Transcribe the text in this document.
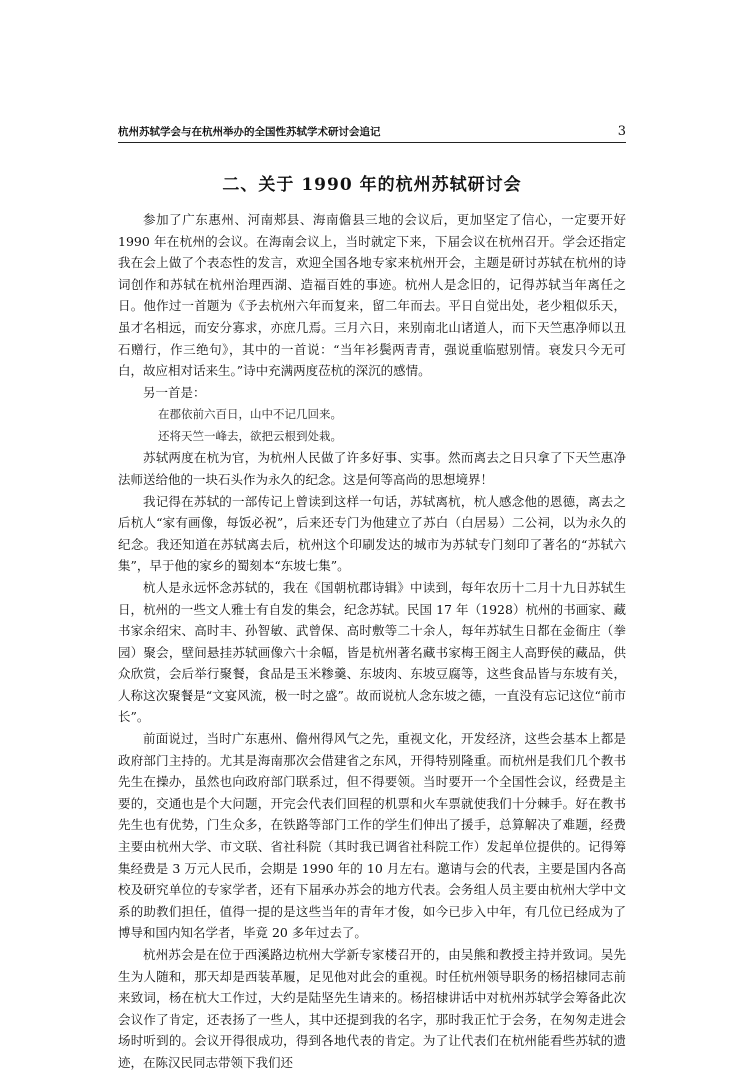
杭州苏轼学会与在杭州举办的全国性苏轼学术研讨会追记	3
二、关于 1990 年的杭州苏轼研讨会

参加了广东惠州、河南郏县、海南儋县三地的会议后，更加坚定了信心，一定要开好 1990 年在杭州的会议。在海南会议上，当时就定下来，下届会议在杭州召开。学会还指定我在会上做了个表态性的发言，欢迎全国各地专家来杭州开会，主题是研讨苏轼在杭州的诗词创作和苏轼在杭州治理西湖、造福百姓的事迹。杭州人是念旧的，记得苏轼当年离任之日。他作过一首题为《予去杭州六年而复来，留二年而去。平日自觉出处，老少粗似乐天，虽才名相远，而安分寡求，亦庶几焉。三月六日，来别南北山诸道人，而下天竺惠净师以丑石赠行，作三绝句》，其中的一首说：“当年衫鬓两青青，强说重临慰别情。衰发只今无可白，故应相对话来生。”诗中充满两度莅杭的深沉的感情。

另一首是：

在郡依前六百日，山中不记几回来。
还将天竺一峰去，欲把云根到处栽。

苏轼两度在杭为官，为杭州人民做了许多好事、实事。然而离去之日只拿了下天竺惠净法师送给他的一块石头作为永久的纪念。这是何等高尚的思想境界！

我记得在苏轼的一部传记上曾读到这样一句话，苏轼离杭，杭人感念他的恩德，离去之后杭人“家有画像，每饭必祝”，后来还专门为他建立了苏白（白居易）二公祠，以为永久的纪念。我还知道在苏轼离去后，杭州这个印刷发达的城市为苏轼专门刻印了著名的“苏轼六集”，早于他的家乡的蜀刻本“东坡七集”。

杭人是永远怀念苏轼的，我在《国朝杭郡诗辑》中读到，每年农历十二月十九日苏轼生日，杭州的一些文人雅士有自发的集会，纪念苏轼。民国 17 年（1928）杭州的书画家、藏书家余绍宋、高时丰、孙智敏、武曾保、高时敷等二十余人，每年苏轼生日都在金衙庄（拳园）聚会，壁间悬挂苏轼画像六十余幅，皆是杭州著名藏书家梅王阁主人高野侯的藏品，供众欣赏，会后举行聚餐，食品是玉米糁羹、东坡肉、东坡豆腐等，这些食品皆与东坡有关，人称这次聚餐是“文宴风流，极一时之盛”。故而说杭人念东坡之德，一直没有忘记这位“前市长”。

前面说过，当时广东惠州、儋州得风气之先，重视文化，开发经济，这些会基本上都是政府部门主持的。尤其是海南那次会借建省之东风，开得特别隆重。而杭州是我们几个教书先生在操办，虽然也向政府部门联系过，但不得要领。当时要开一个全国性会议，经费是主要的，交通也是个大问题，开完会代表们回程的机票和火车票就使我们十分棘手。好在教书先生也有优势，门生众多，在铁路等部门工作的学生们伸出了援手，总算解决了难题，经费主要由杭州大学、市文联、省社科院（其时我已调省社科院工作）发起单位提供的。记得筹集经费是 3 万元人民币，会期是 1990 年的 10 月左右。邀请与会的代表，主要是国内各高校及研究单位的专家学者，还有下届承办苏会的地方代表。会务组人员主要由杭州大学中文系的助教们担任，值得一提的是这些当年的青年才俊，如今已步入中年，有几位已经成为了博导和国内知名学者，毕竟 20 多年过去了。

杭州苏会是在位于西溪路边杭州大学新专家楼召开的，由吴熊和教授主持并致词。吴先生为人随和，那天却是西装革履，足见他对此会的重视。时任杭州领导职务的杨招棣同志前来致词，杨在杭大工作过，大约是陆坚先生请来的。杨招棣讲话中对杭州苏轼学会筹备此次会议作了肯定，还表扬了一些人，其中还提到我的名字，那时我正忙于会务，在匆匆走进会场时听到的。会议开得很成功，得到各地代表的肯定。为了让代表们在杭州能看些苏轼的遗迹，在陈汉民同志带领下我们还
